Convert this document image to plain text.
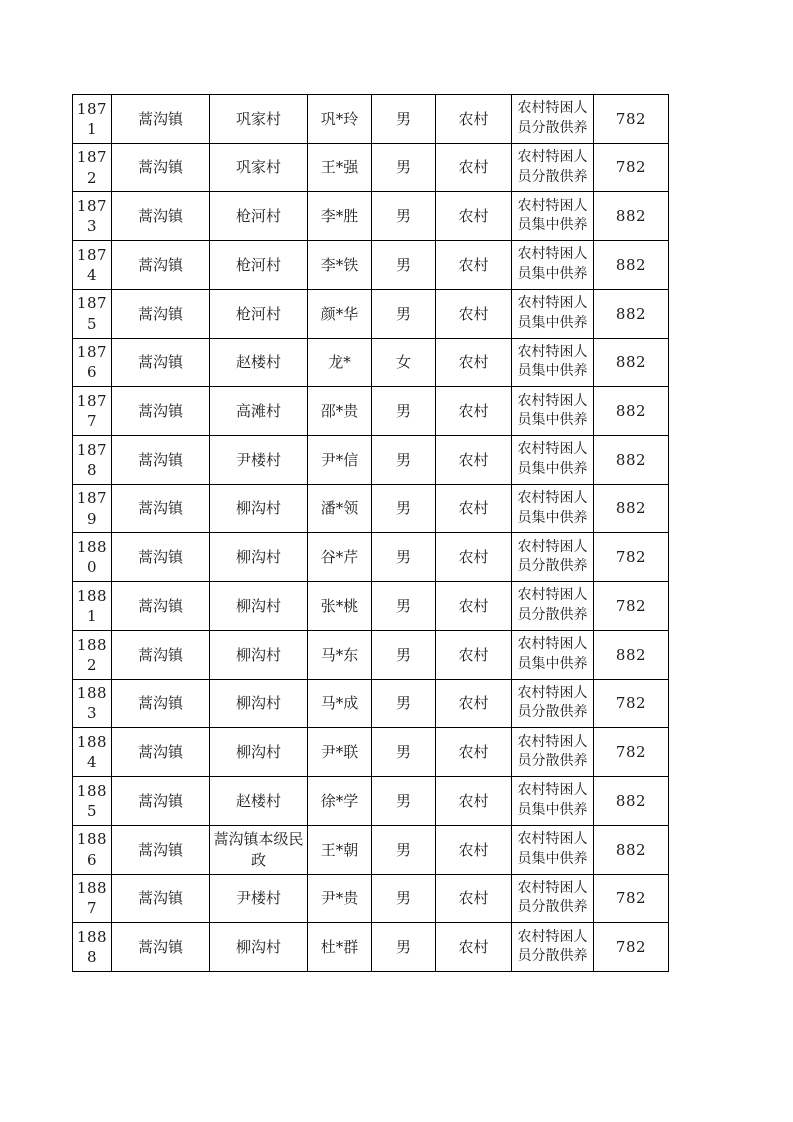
1871	蒿沟镇	巩家村	巩*玲	男	农村	农村特困人员分散供养	782
1872	蒿沟镇	巩家村	王*强	男	农村	农村特困人员分散供养	782
1873	蒿沟镇	枪河村	李*胜	男	农村	农村特困人员集中供养	882
1874	蒿沟镇	枪河村	李*铁	男	农村	农村特困人员集中供养	882
1875	蒿沟镇	枪河村	颜*华	男	农村	农村特困人员集中供养	882
1876	蒿沟镇	赵楼村	龙*	女	农村	农村特困人员集中供养	882
1877	蒿沟镇	高滩村	邵*贵	男	农村	农村特困人员集中供养	882
1878	蒿沟镇	尹楼村	尹*信	男	农村	农村特困人员集中供养	882
1879	蒿沟镇	柳沟村	潘*领	男	农村	农村特困人员集中供养	882
1880	蒿沟镇	柳沟村	谷*芹	男	农村	农村特困人员分散供养	782
1881	蒿沟镇	柳沟村	张*桃	男	农村	农村特困人员分散供养	782
1882	蒿沟镇	柳沟村	马*东	男	农村	农村特困人员集中供养	882
1883	蒿沟镇	柳沟村	马*成	男	农村	农村特困人员分散供养	782
1884	蒿沟镇	柳沟村	尹*联	男	农村	农村特困人员分散供养	782
1885	蒿沟镇	赵楼村	徐*学	男	农村	农村特困人员集中供养	882
1886	蒿沟镇	蒿沟镇本级民政	王*朝	男	农村	农村特困人员集中供养	882
1887	蒿沟镇	尹楼村	尹*贵	男	农村	农村特困人员分散供养	782
1888	蒿沟镇	柳沟村	杜*群	男	农村	农村特困人员分散供养	782
